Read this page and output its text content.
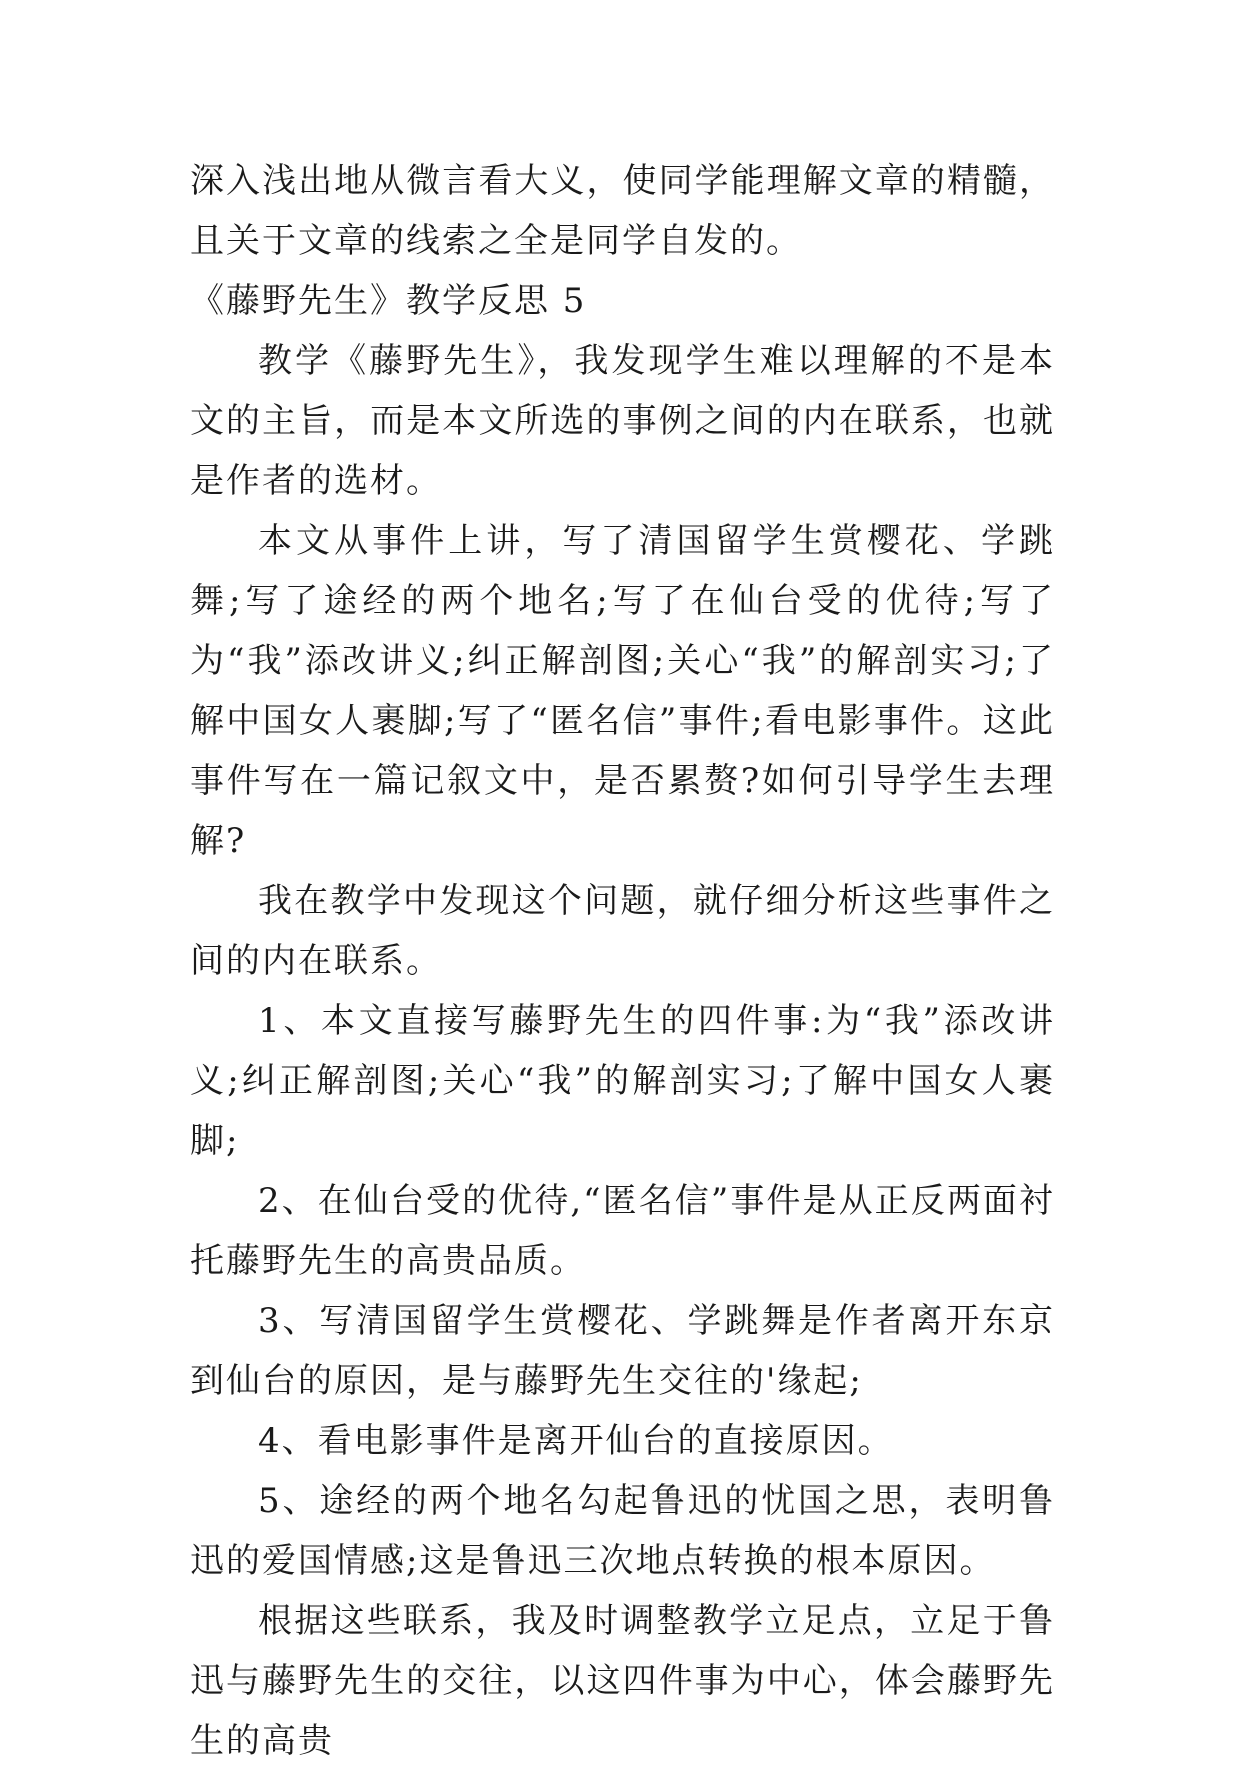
深入浅出地从微言看大义，使同学能理解文章的精髓，且关于文章的线索之全是同学自发的。

《藤野先生》教学反思 5

教学《藤野先生》，我发现学生难以理解的不是本文的主旨，而是本文所选的事例之间的内在联系，也就是作者的选材。

本文从事件上讲，写了清国留学生赏樱花、学跳舞;写了途经的两个地名;写了在仙台受的优待;写了为“我”添改讲义;纠正解剖图;关心“我”的解剖实习;了解中国女人裹脚;写了“匿名信”事件;看电影事件。这此事件写在一篇记叙文中，是否累赘?如何引导学生去理解?

我在教学中发现这个问题，就仔细分析这些事件之间的内在联系。

1、本文直接写藤野先生的四件事:为“我”添改讲义;纠正解剖图;关心“我”的解剖实习;了解中国女人裹脚;

2、在仙台受的优待,“匿名信”事件是从正反两面衬托藤野先生的高贵品质。

3、写清国留学生赏樱花、学跳舞是作者离开东京到仙台的原因，是与藤野先生交往的'缘起;

4、看电影事件是离开仙台的直接原因。

5、途经的两个地名勾起鲁迅的忧国之思，表明鲁迅的爱国情感;这是鲁迅三次地点转换的根本原因。

根据这些联系，我及时调整教学立足点，立足于鲁迅与藤野先生的交往，以这四件事为中心，体会藤野先生的高贵
